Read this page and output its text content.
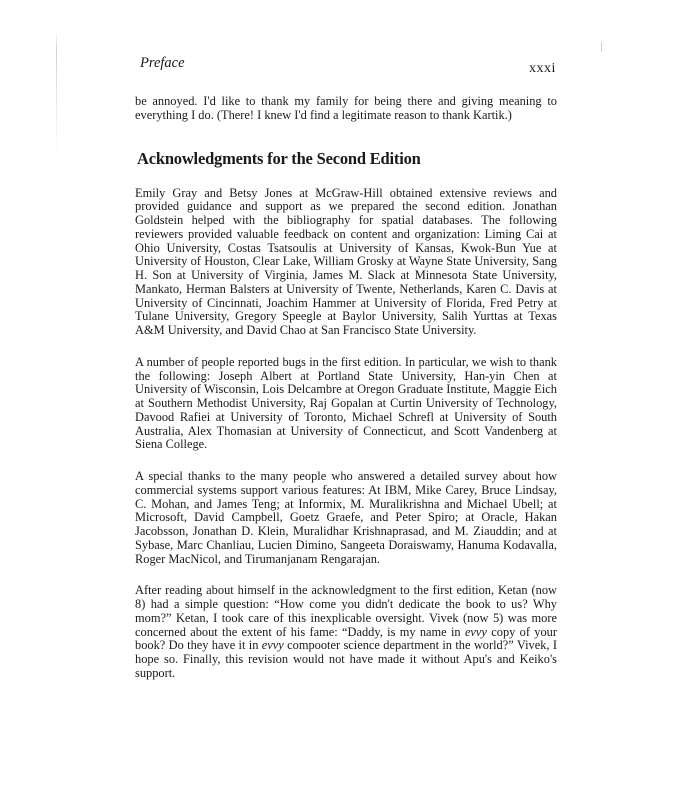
Preface	xxxi

be annoyed. I'd like to thank my family for being there and giving meaning to everything I do. (There! I knew I'd find a legitimate reason to thank Kartik.)

Acknowledgments for the Second Edition

Emily Gray and Betsy Jones at McGraw-Hill obtained extensive reviews and provided guidance and support as we prepared the second edition. Jonathan Goldstein helped with the bibliography for spatial databases. The following reviewers provided valuable feedback on content and organization: Liming Cai at Ohio University, Costas Tsatsoulis at University of Kansas, Kwok-Bun Yue at University of Houston, Clear Lake, William Grosky at Wayne State University, Sang H. Son at University of Virginia, James M. Slack at Minnesota State University, Mankato, Herman Balsters at University of Twente, Netherlands, Karen C. Davis at University of Cincinnati, Joachim Hammer at University of Florida, Fred Petry at Tulane University, Gregory Speegle at Baylor University, Salih Yurttas at Texas A&M University, and David Chao at San Francisco State University.

A number of people reported bugs in the first edition. In particular, we wish to thank the following: Joseph Albert at Portland State University, Han-yin Chen at University of Wisconsin, Lois Delcambre at Oregon Graduate Institute, Maggie Eich at Southern Methodist University, Raj Gopalan at Curtin University of Technology, Davood Rafiei at University of Toronto, Michael Schrefl at University of South Australia, Alex Thomasian at University of Connecticut, and Scott Vandenberg at Siena College.

A special thanks to the many people who answered a detailed survey about how commercial systems support various features: At IBM, Mike Carey, Bruce Lindsay, C. Mohan, and James Teng; at Informix, M. Muralikrishna and Michael Ubell; at Microsoft, David Campbell, Goetz Graefe, and Peter Spiro; at Oracle, Hakan Jacobsson, Jonathan D. Klein, Muralidhar Krishnaprasad, and M. Ziauddin; and at Sybase, Marc Chanliau, Lucien Dimino, Sangeeta Doraiswamy, Hanuma Kodavalla, Roger MacNicol, and Tirumanjanam Rengarajan.

After reading about himself in the acknowledgment to the first edition, Ketan (now 8) had a simple question: “How come you didn't dedicate the book to us? Why mom?” Ketan, I took care of this inexplicable oversight. Vivek (now 5) was more concerned about the extent of his fame: “Daddy, is my name in evvy copy of your book? Do they have it in evvy compooter science department in the world?” Vivek, I hope so. Finally, this revision would not have made it without Apu's and Keiko's support.
